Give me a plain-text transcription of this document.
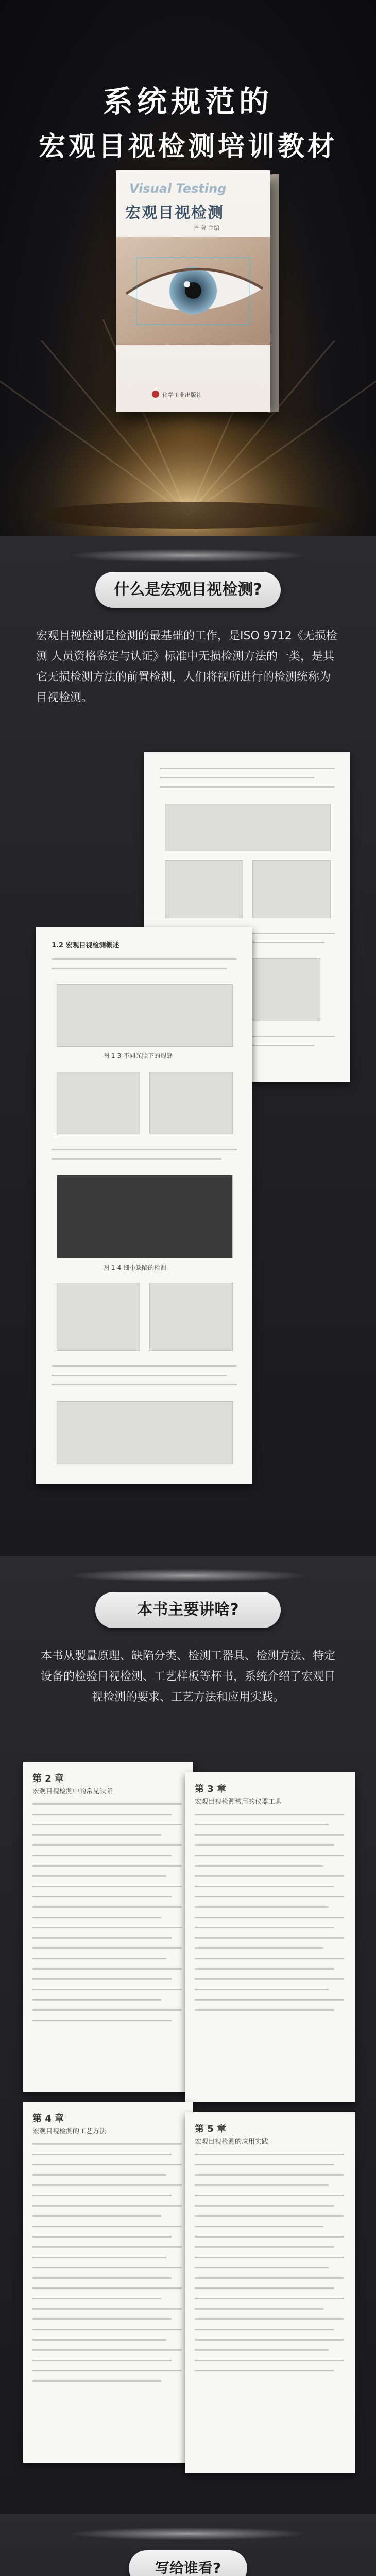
系统规范的
宏观目视检测培训教材
Visual Testing
宏观目视检测
齐 著 主编
化学工业出版社
什么是宏观目视检测?
宏观目视检测是检测的最基础的工作，是ISO 9712《无损检测 人员资格鉴定与认证》标准中无损检测方法的一类，是其它无损检测方法的前置检测，人们将视所进行的检测统称为目视检测。
1.2 宏观目视检测概述
图 1-3 不同光照下的焊缝
图 1-4 细小缺陷的检测
本书主要讲啥?
本书从製量原理、缺陷分类、检测工器具、检测方法、特定设备的检验目视检测、工艺样板等杯书，系统介绍了宏观目视检测的要求、工艺方法和应用实践。
第 2 章
宏观目视检测中的常见缺陷	第 3 章
宏观目视检测常用的仪器工具
第 4 章
宏观目视检测的工艺方法	第 5 章
宏观目视检测的应用实践
写给谁看?
